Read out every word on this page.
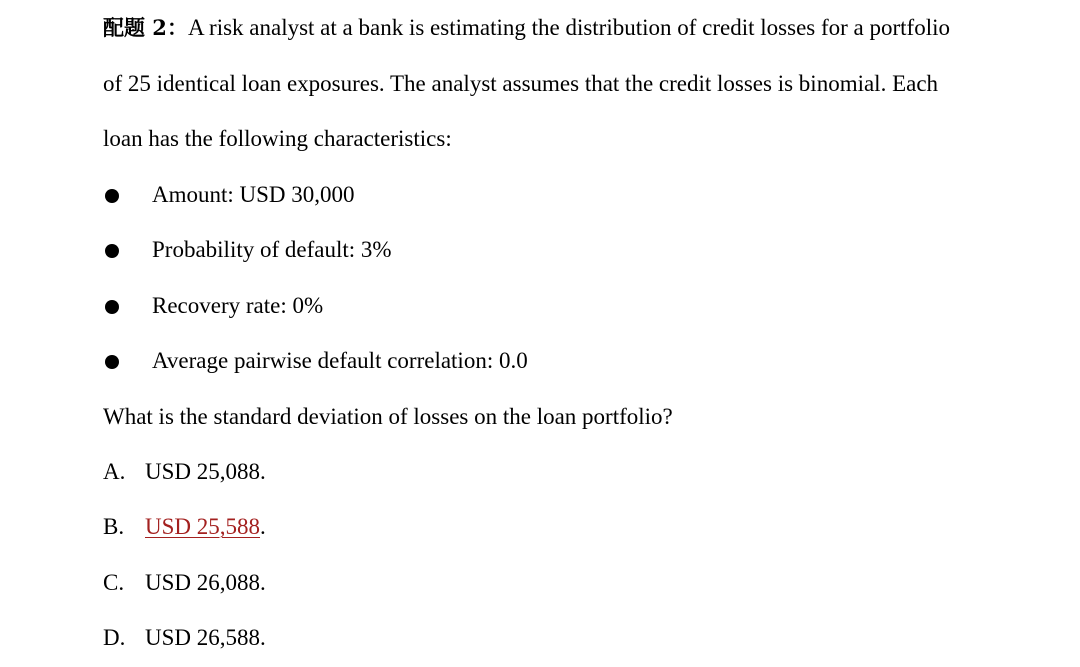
配题 2：A risk analyst at a bank is estimating the distribution of credit losses for a portfolio
of 25 identical loan exposures. The analyst assumes that the credit losses is binomial. Each
loan has the following characteristics:
Amount: USD 30,000
Probability of default: 3%
Recovery rate: 0%
Average pairwise default correlation: 0.0
What is the standard deviation of losses on the loan portfolio?
A. USD 25,088.
B. USD 25,588.
C. USD 26,088.
D. USD 26,588.
